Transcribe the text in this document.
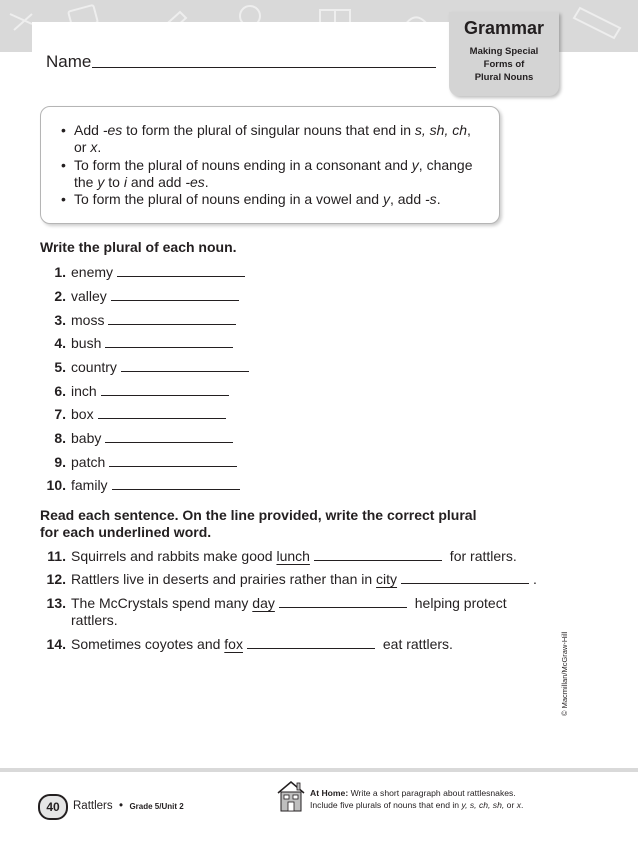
Name
Grammar
Making Special
Forms of
Plural Nouns
• Add -es to form the plural of singular nouns that end in s, sh, ch, or x.
• To form the plural of nouns ending in a consonant and y, change the y to i and add -es.
• To form the plural of nouns ending in a vowel and y, add -s.
Write the plural of each noun.
1. enemy
2. valley
3. moss
4. bush
5. country
6. inch
7. box
8. baby
9. patch
10. family
Read each sentence. On the line provided, write the correct plural
for each underlined word.
11. Squirrels and rabbits make good lunch	for rattlers.
12. Rattlers live in deserts and prairies rather than in city	.
13. The McCrystals spend many day	helping protect
rattlers.
14. Sometimes coyotes and fox	eat rattlers.	© Macmillan/McGraw-Hill
40	Rattlers • Grade 5/Unit 2
At Home: Write a short paragraph about rattlesnakes.
Include five plurals of nouns that end in y, s, ch, sh, or x.
